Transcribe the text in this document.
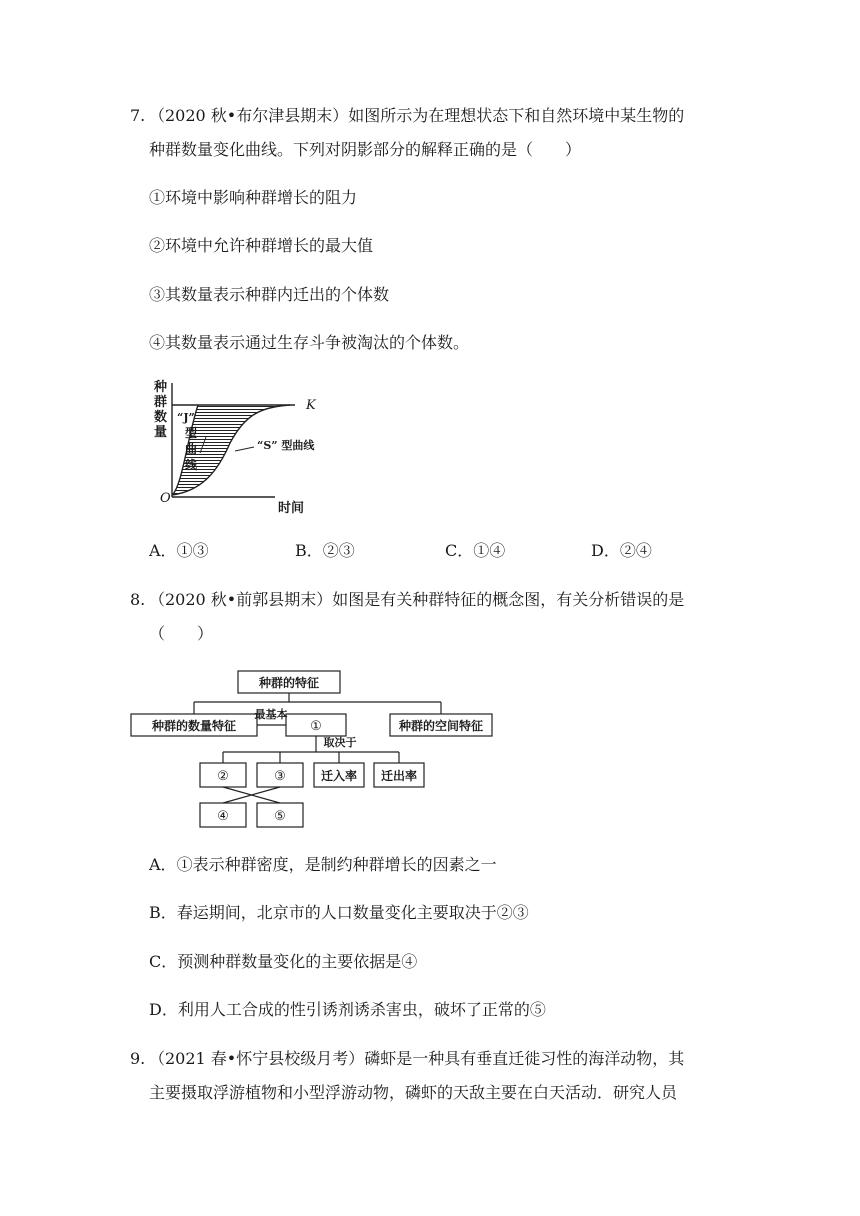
7. （2020 秋•布尔津县期末）如图所示为在理想状态下和自然环境中某生物的
种群数量变化曲线。下列对阴影部分的解释正确的是（　　）
①环境中影响种群增长的阻力
②环境中允许种群增长的最大值
③其数量表示种群内迁出的个体数
④其数量表示通过生存斗争被淘汰的个体数。
种
群
数
量
“J”
型
曲
线
“S” 型曲线
K
O
时间
A．①③	B．②③	C．①④	D．②④
8. （2020 秋•前郭县期末）如图是有关种群特征的概念图，有关分析错误的是
（　　）
种群的特征
种群的数量特征
最基本
①	种群的空间特征
取决于
②	③	迁入率 迁出率
④	⑤
A．①表示种群密度，是制约种群增长的因素之一
B．春运期间，北京市的人口数量变化主要取决于②③
C．预测种群数量变化的主要依据是④
D．利用人工合成的性引诱剂诱杀害虫，破坏了正常的⑤
9. （2021 春•怀宁县校级月考）磷虾是一种具有垂直迁徙习性的海洋动物，其
主要摄取浮游植物和小型浮游动物，磷虾的天敌主要在白天活动．研究人员
